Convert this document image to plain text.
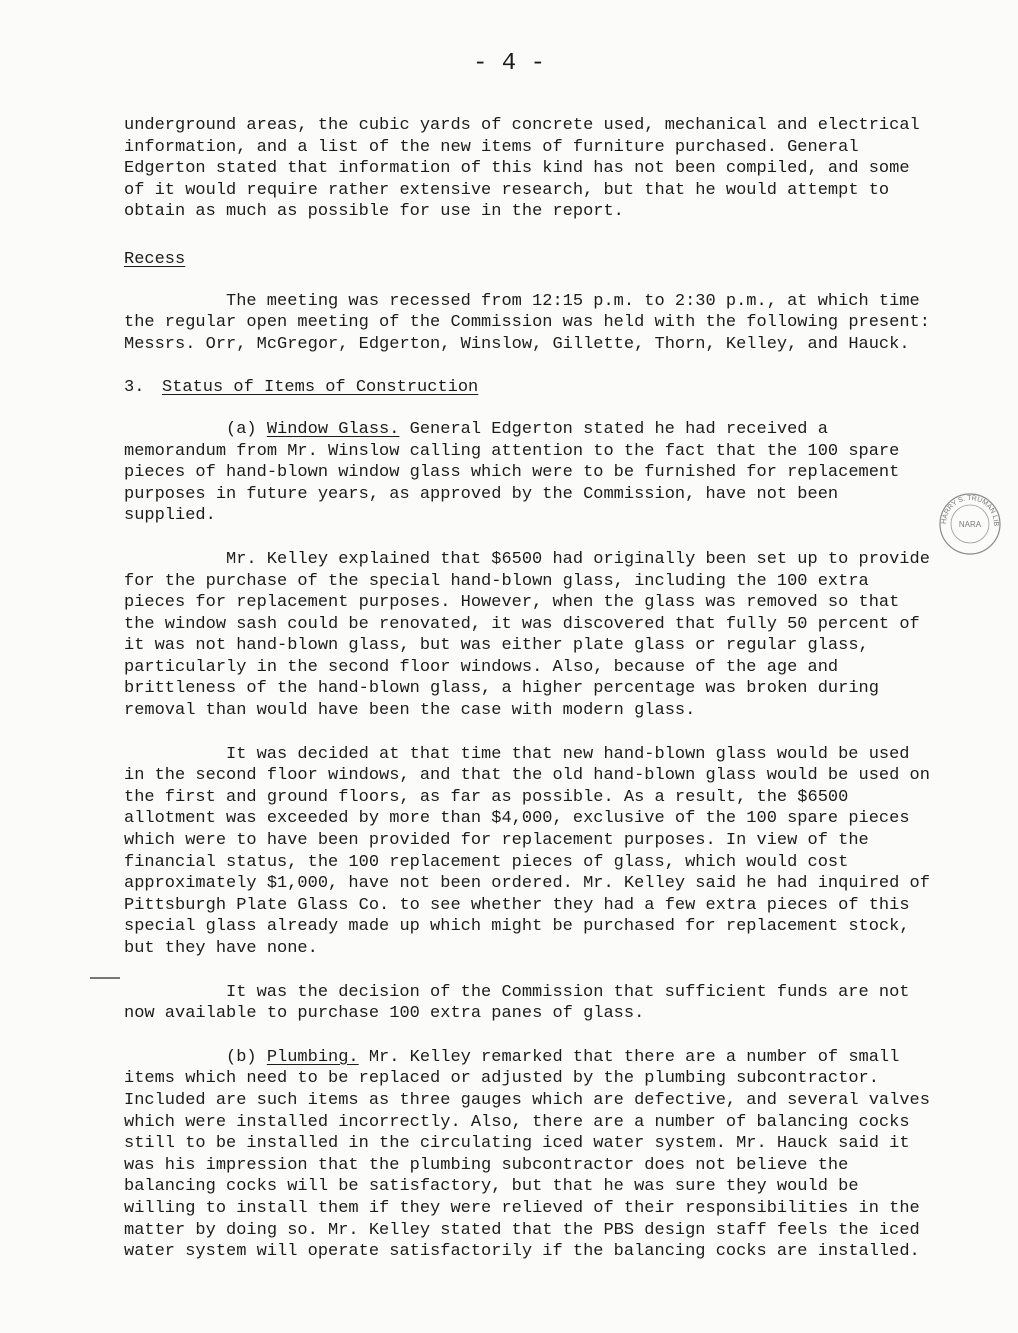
- 4 -

underground areas, the cubic yards of concrete used, mechanical and electrical information, and a list of the new items of furniture purchased. General Edgerton stated that information of this kind has not been compiled, and some of it would require rather extensive research, but that he would attempt to obtain as much as possible for use in the report.

Recess

The meeting was recessed from 12:15 p.m. to 2:30 p.m., at which time the regular open meeting of the Commission was held with the following present: Messrs. Orr, McGregor, Edgerton, Winslow, Gillette, Thorn, Kelley, and Hauck.

3. Status of Items of Construction

(a) Window Glass. General Edgerton stated he had received a memorandum from Mr. Winslow calling attention to the fact that the 100 spare pieces of hand-blown window glass which were to be furnished for replacement purposes in future years, as approved by the Commission, have not been supplied.

Mr. Kelley explained that $6500 had originally been set up to provide for the purchase of the special hand-blown glass, including the 100 extra pieces for replacement purposes. However, when the glass was removed so that the window sash could be renovated, it was discovered that fully 50 percent of it was not hand-blown glass, but was either plate glass or regular glass, particularly in the second floor windows. Also, because of the age and brittleness of the hand-blown glass, a higher percentage was broken during removal than would have been the case with modern glass.

It was decided at that time that new hand-blown glass would be used in the second floor windows, and that the old hand-blown glass would be used on the first and ground floors, as far as possible. As a result, the $6500 allotment was exceeded by more than $4,000, exclusive of the 100 spare pieces which were to have been provided for replacement purposes. In view of the financial status, the 100 replacement pieces of glass, which would cost approximately $1,000, have not been ordered. Mr. Kelley said he had inquired of Pittsburgh Plate Glass Co. to see whether they had a few extra pieces of this special glass already made up which might be purchased for replacement stock, but they have none.

It was the decision of the Commission that sufficient funds are not now available to purchase 100 extra panes of glass.

(b) Plumbing. Mr. Kelley remarked that there are a number of small items which need to be replaced or adjusted by the plumbing subcontractor. Included are such items as three gauges which are defective, and several valves which were installed incorrectly. Also, there are a number of balancing cocks still to be installed in the circulating iced water system. Mr. Hauck said it was his impression that the plumbing subcontractor does not believe the balancing cocks will be satisfactory, but that he was sure they would be willing to install them if they were relieved of their responsibilities in the matter by doing so. Mr. Kelley stated that the PBS design staff feels the iced water system will operate satisfactorily if the balancing cocks are installed.

HARRY S. TRUMAN LIB
NARA
